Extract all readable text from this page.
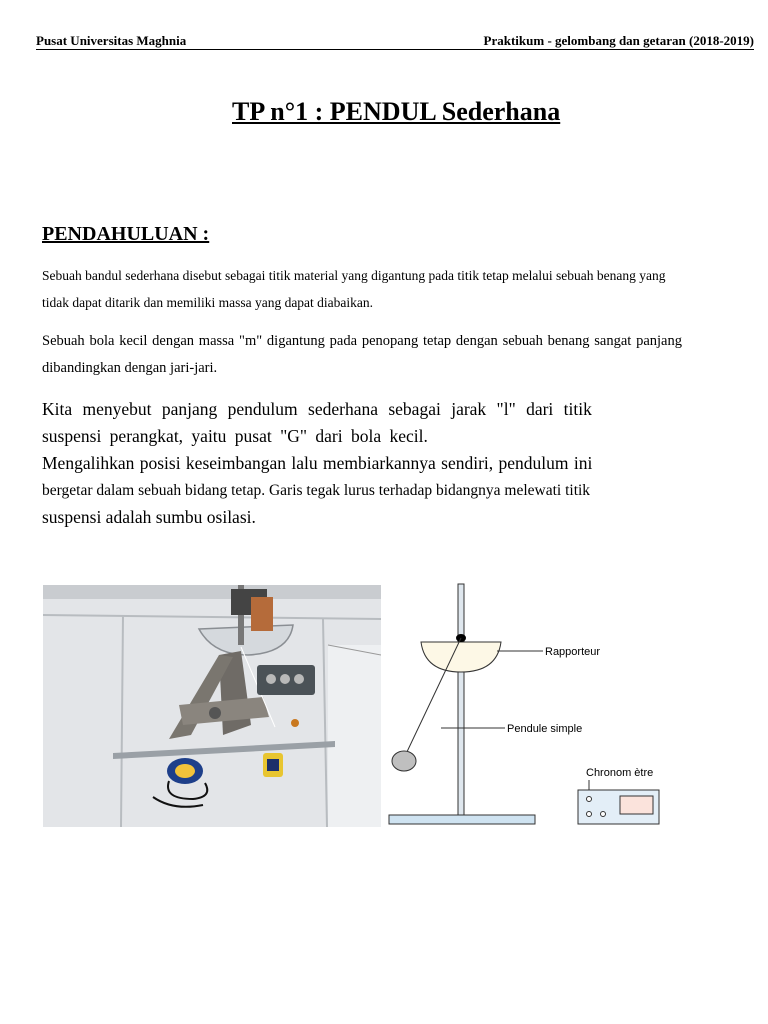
Pusat Universitas Maghnia	Praktikum - gelombang dan getaran (2018-2019)
TP n°1 : PENDUL Sederhana
PENDAHULUAN :

Sebuah bandul sederhana disebut sebagai titik material yang digantung pada titik tetap melalui sebuah benang yang tidak dapat ditarik dan memiliki massa yang dapat diabaikan.

Sebuah bola kecil dengan massa "m" digantung pada penopang tetap dengan sebuah benang sangat panjang dibandingkan dengan jari-jari.

Kita menyebut panjang pendulum sederhana sebagai jarak "l" dari titik
suspensi perangkat, yaitu pusat "G" dari bola kecil.
Mengalihkan posisi keseimbangan lalu membiarkannya sendiri, pendulum ini
bergetar dalam sebuah bidang tetap. Garis tegak lurus terhadap bidangnya melewati titik
suspensi adalah sumbu osilasi.

Rapporteur
Pendule simple
Chronom ètre
